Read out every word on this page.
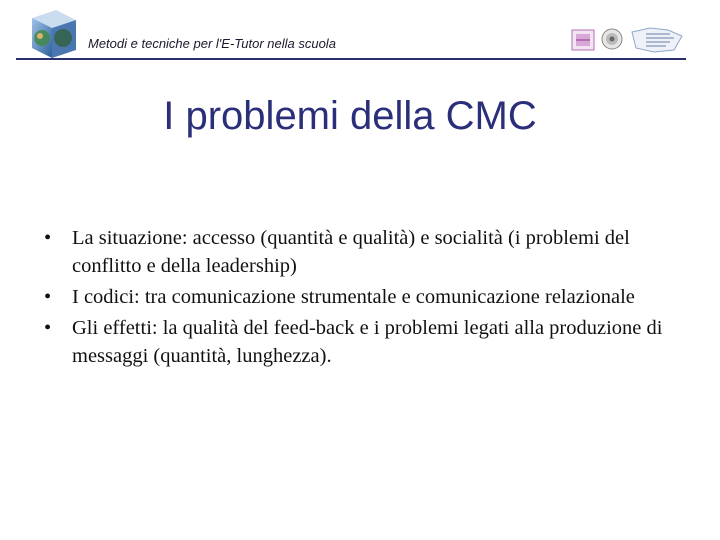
Metodi e tecniche per l'E-Tutor nella scuola
I problemi della CMC
• La situazione: accesso (quantità e qualità) e socialità (i problemi del conflitto e della leadership)
• I codici: tra comunicazione strumentale e comunicazione relazionale
• Gli effetti: la qualità del feed-back e i problemi legati alla produzione di messaggi (quantità, lunghezza).
